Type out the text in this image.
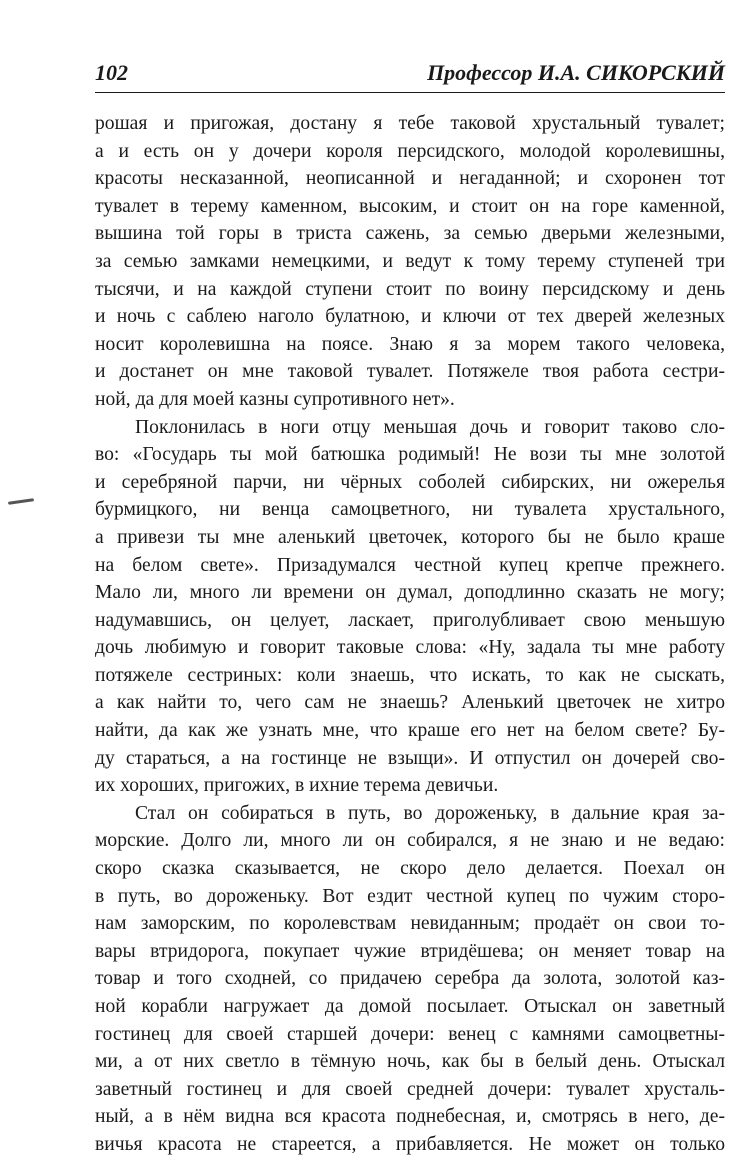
102	Профессор И.А. СИКОРСКИЙ
рошая и пригожая, достану я тебе таковой хрустальный тувалет;
а и есть он у дочери короля персидского, молодой королевишны,
красоты несказанной, неописанной и негаданной; и схоронен тот
тувалет в терему каменном, высоким, и стоит он на горе каменной,
вышина той горы в триста сажень, за семью дверьми железными,
за семью замками немецкими, и ведут к тому терему ступеней три
тысячи, и на каждой ступени стоит по воину персидскому и день
и ночь с саблею наголо булатною, и ключи от тех дверей железных
носит королевишна на поясе. Знаю я за морем такого человека,
и достанет он мне таковой тувалет. Потяжеле твоя работа сестри-
ной, да для моей казны супротивного нет».
Поклонилась в ноги отцу меньшая дочь и говорит таково сло-
во: «Государь ты мой батюшка родимый! Не вози ты мне золотой
и серебряной парчи, ни чёрных соболей сибирских, ни ожерелья
бурмицкого, ни венца самоцветного, ни тувалета хрустального,
а привези ты мне аленький цветочек, которого бы не было краше
на белом свете». Призадумался честной купец крепче прежнего.
Мало ли, много ли времени он думал, доподлинно сказать не могу;
надумавшись, он целует, ласкает, приголубливает свою меньшую
дочь любимую и говорит таковые слова: «Ну, задала ты мне работу
потяжеле сестриных: коли знаешь, что искать, то как не сыскать,
а как найти то, чего сам не знаешь? Аленький цветочек не хитро
найти, да как же узнать мне, что краше его нет на белом свете? Бу-
ду стараться, а на гостинце не взыщи». И отпустил он дочерей сво-
их хороших, пригожих, в ихние терема девичьи.
Стал он собираться в путь, во дороженьку, в дальние края за-
морские. Долго ли, много ли он собирался, я не знаю и не ведаю:
скоро сказка сказывается, не скоро дело делается. Поехал он
в путь, во дороженьку. Вот ездит честной купец по чужим сторо-
нам заморским, по королевствам невиданным; продаёт он свои то-
вары втридорога, покупает чужие втридёшева; он меняет товар на
товар и того сходней, со придачею серебра да золота, золотой каз-
ной корабли нагружает да домой посылает. Отыскал он заветный
гостинец для своей старшей дочери: венец с камнями самоцветны-
ми, а от них светло в тёмную ночь, как бы в белый день. Отыскал
заветный гостинец и для своей средней дочери: тувалет хрусталь-
ный, а в нём видна вся красота поднебесная, и, смотрясь в него, де-
вичья красота не стареется, а прибавляется. Не может он только
